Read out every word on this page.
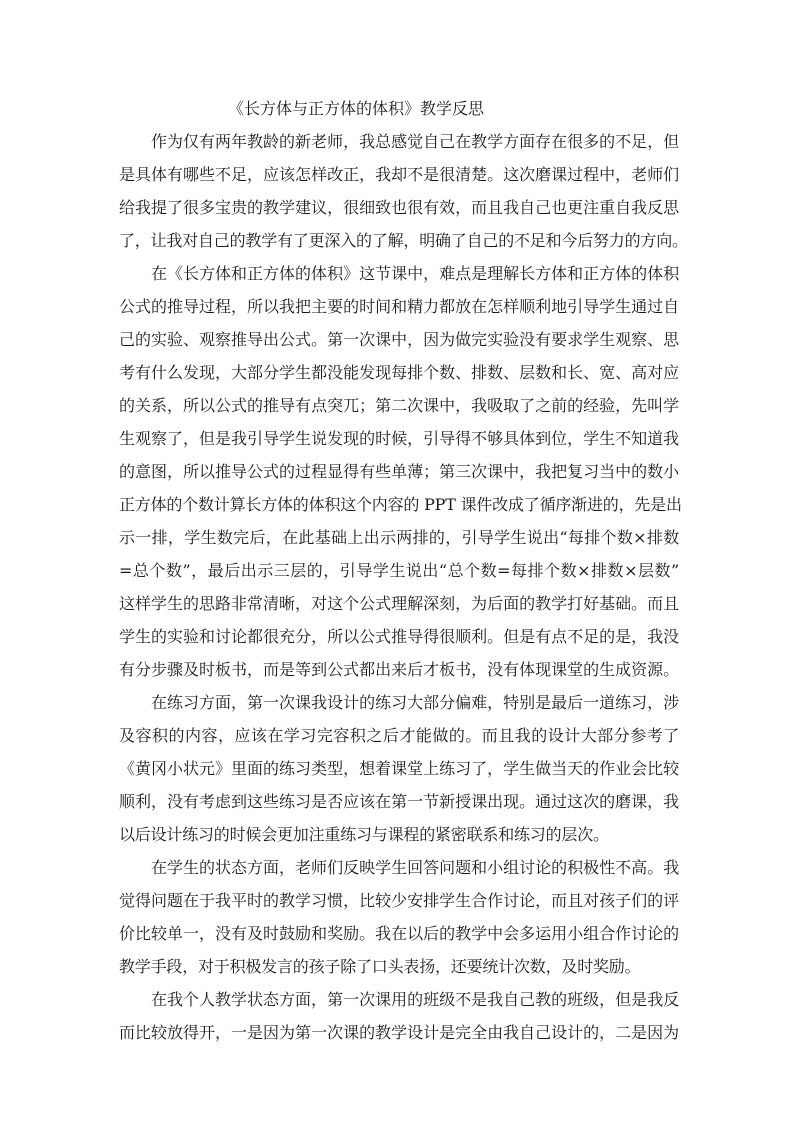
《长方体与正方体的体积》教学反思
作为仅有两年教龄的新老师，我总感觉自己在教学方面存在很多的不足，但
是具体有哪些不足，应该怎样改正，我却不是很清楚。这次磨课过程中，老师们
给我提了很多宝贵的教学建议，很细致也很有效，而且我自己也更注重自我反思
了，让我对自己的教学有了更深入的了解，明确了自己的不足和今后努力的方向。
在《长方体和正方体的体积》这节课中，难点是理解长方体和正方体的体积
公式的推导过程，所以我把主要的时间和精力都放在怎样顺利地引导学生通过自
己的实验、观察推导出公式。第一次课中，因为做完实验没有要求学生观察、思
考有什么发现，大部分学生都没能发现每排个数、排数、层数和长、宽、高对应
的关系，所以公式的推导有点突兀；第二次课中，我吸取了之前的经验，先叫学
生观察了，但是我引导学生说发现的时候，引导得不够具体到位，学生不知道我
的意图，所以推导公式的过程显得有些单薄；第三次课中，我把复习当中的数小
正方体的个数计算长方体的体积这个内容的 PPT 课件改成了循序渐进的，先是出
示一排，学生数完后，在此基础上出示两排的，引导学生说出“每排个数×排数
=总个数”，最后出示三层的，引导学生说出“总个数=每排个数×排数×层数”
这样学生的思路非常清晰，对这个公式理解深刻，为后面的教学打好基础。而且
学生的实验和讨论都很充分，所以公式推导得很顺利。但是有点不足的是，我没
有分步骤及时板书，而是等到公式都出来后才板书，没有体现课堂的生成资源。
在练习方面，第一次课我设计的练习大部分偏难，特别是最后一道练习，涉
及容积的内容，应该在学习完容积之后才能做的。而且我的设计大部分参考了
《黄冈小状元》里面的练习类型，想着课堂上练习了，学生做当天的作业会比较
顺利，没有考虑到这些练习是否应该在第一节新授课出现。通过这次的磨课，我
以后设计练习的时候会更加注重练习与课程的紧密联系和练习的层次。
在学生的状态方面，老师们反映学生回答问题和小组讨论的积极性不高。我
觉得问题在于我平时的教学习惯，比较少安排学生合作讨论，而且对孩子们的评
价比较单一，没有及时鼓励和奖励。我在以后的教学中会多运用小组合作讨论的
教学手段，对于积极发言的孩子除了口头表扬，还要统计次数，及时奖励。
在我个人教学状态方面，第一次课用的班级不是我自己教的班级，但是我反
而比较放得开，一是因为第一次课的教学设计是完全由我自己设计的，二是因为
